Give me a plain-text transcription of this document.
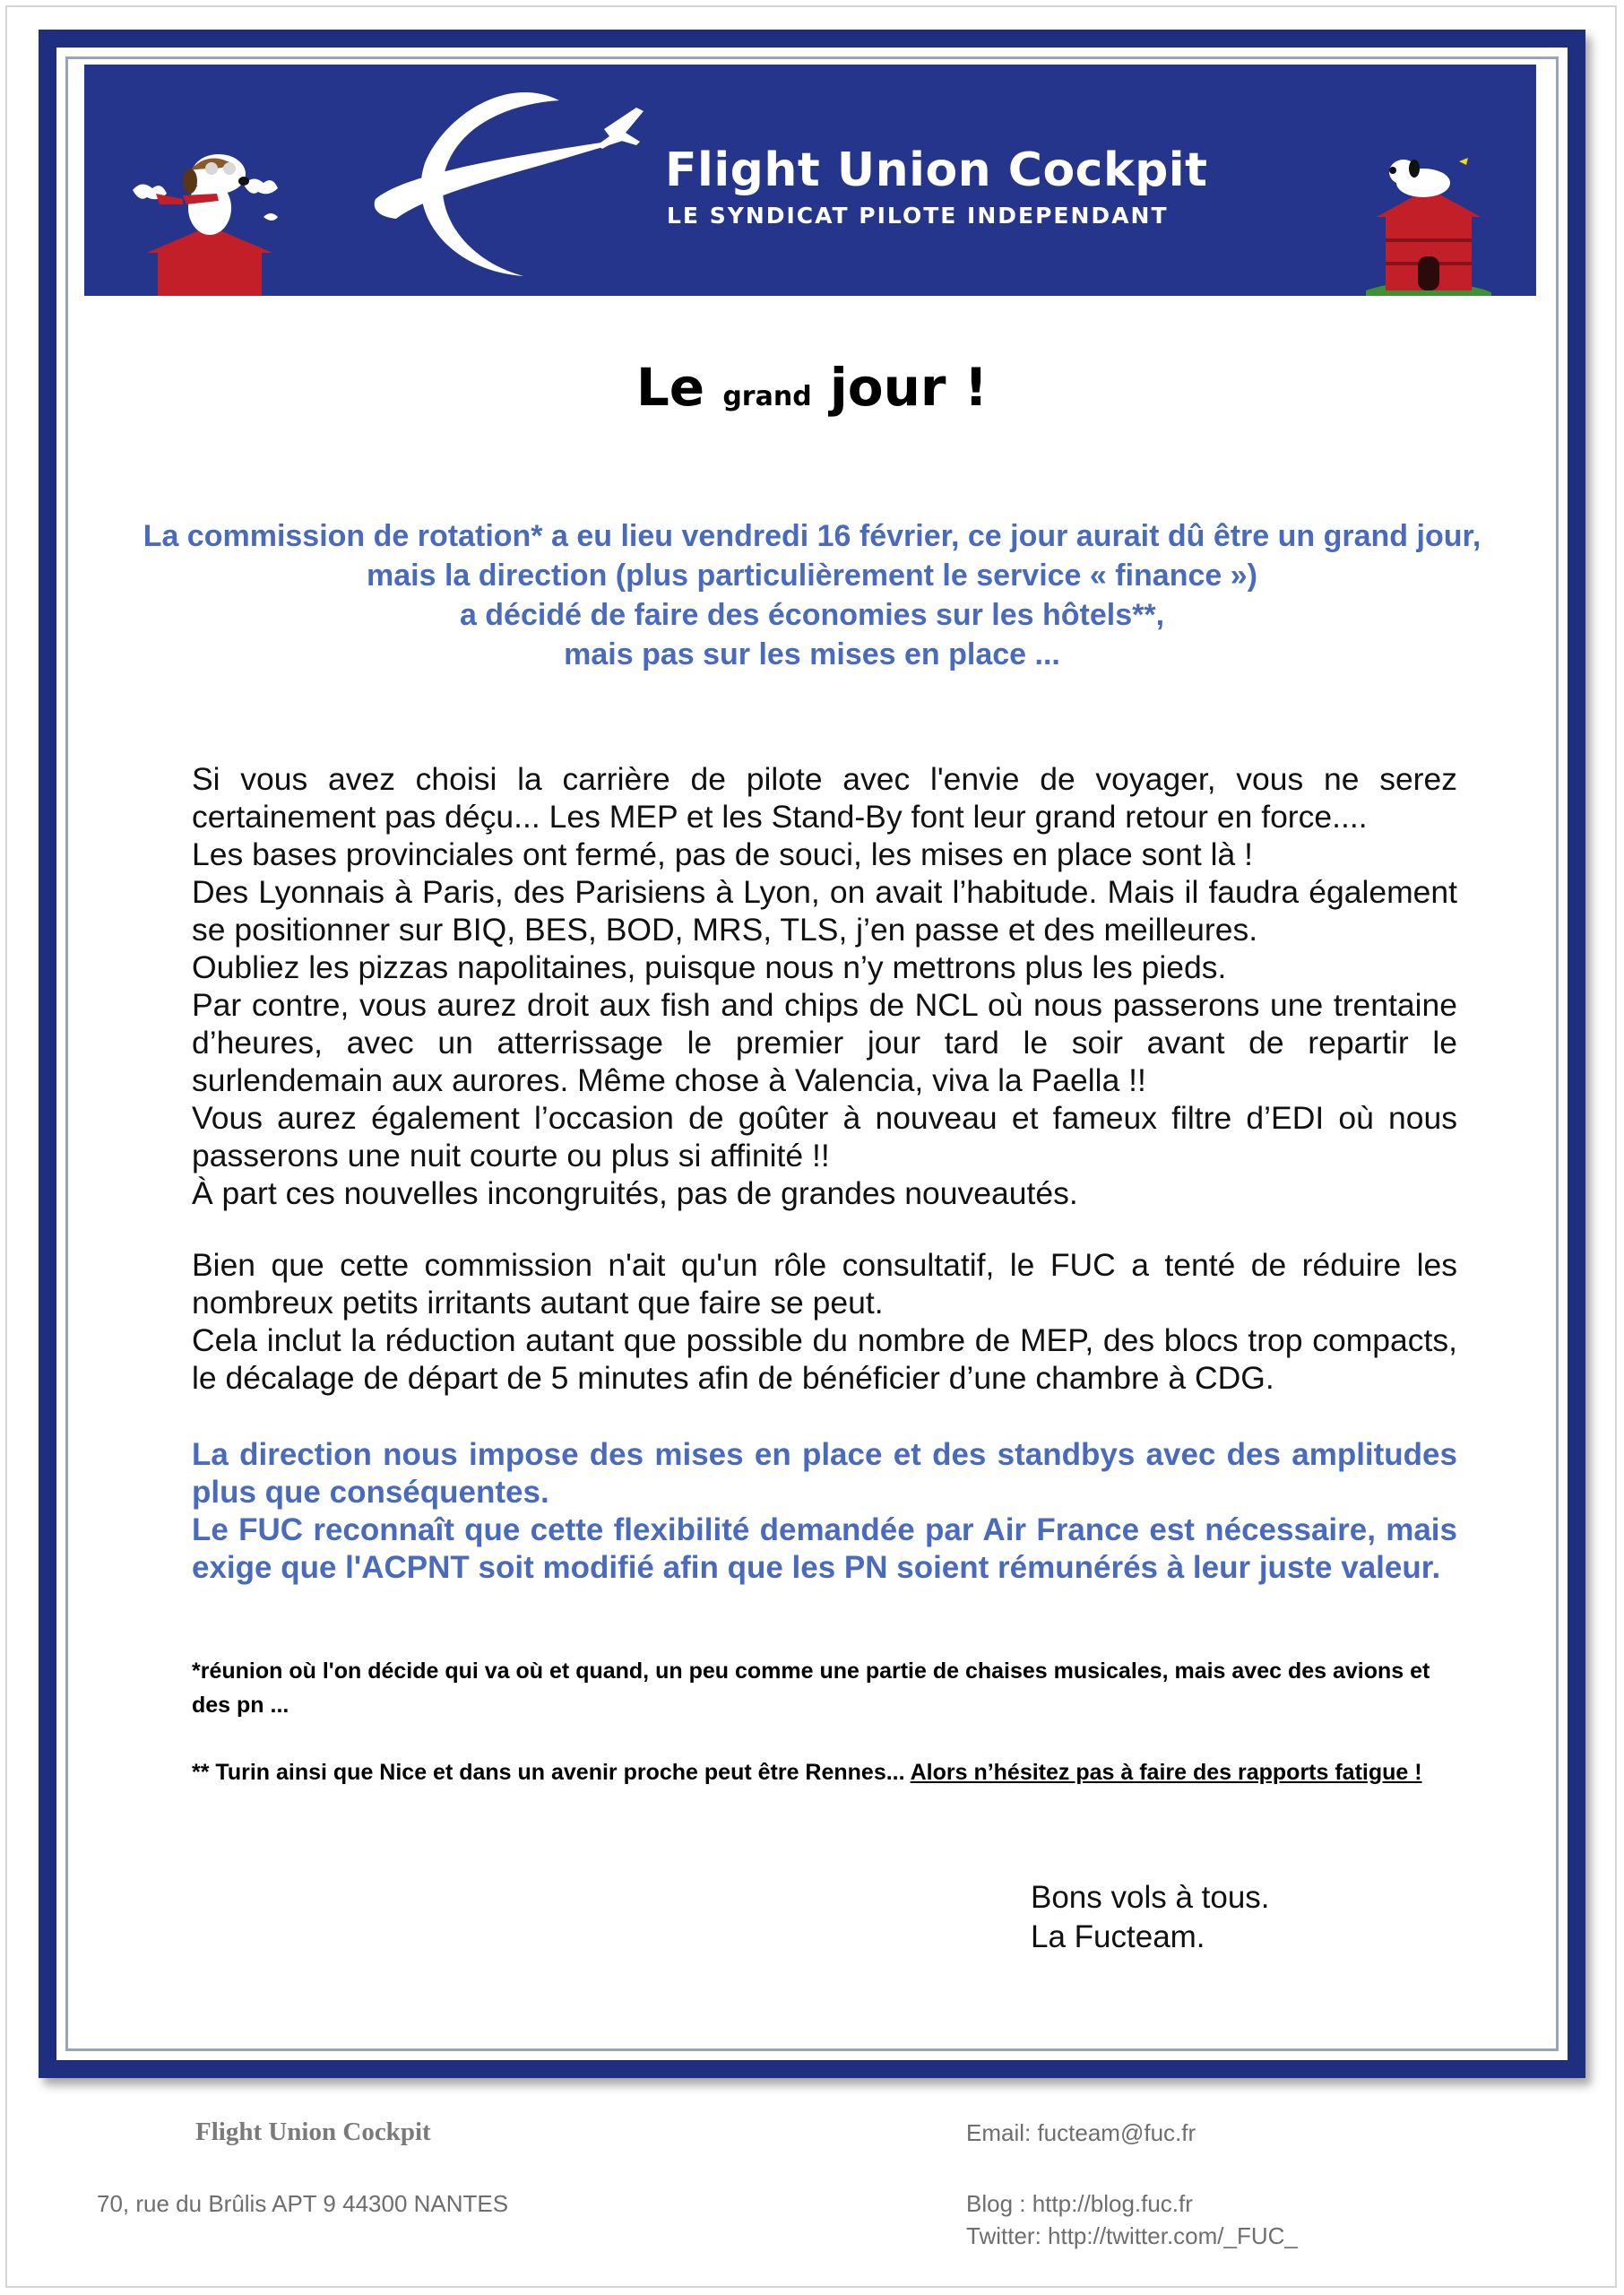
Flight Union Cockpit
LE SYNDICAT PILOTE INDEPENDANT
Le grand jour !
La commission de rotation* a eu lieu vendredi 16 février, ce jour aurait dû être un grand jour,
mais la direction (plus particulièrement le service « finance »)
a décidé de faire des économies sur les hôtels**,
mais pas sur les mises en place ...

Si vous avez choisi la carrière de pilote avec l'envie de voyager, vous ne serez certainement pas déçu... Les MEP et les Stand-By font leur grand retour en force....

Les bases provinciales ont fermé, pas de souci, les mises en place sont là !

Des Lyonnais à Paris, des Parisiens à Lyon, on avait l’habitude. Mais il faudra également se positionner sur BIQ, BES, BOD, MRS, TLS, j’en passe et des meilleures.

Oubliez les pizzas napolitaines, puisque nous n’y mettrons plus les pieds.

Par contre, vous aurez droit aux fish and chips de NCL où nous passerons une trentaine d’heures, avec un atterrissage le premier jour tard le soir avant de repartir le surlendemain aux aurores. Même chose à Valencia, viva la Paella !!

Vous aurez également l’occasion de goûter à nouveau et fameux filtre d’EDI où nous passerons une nuit courte ou plus si affinité !!

À part ces nouvelles incongruités, pas de grandes nouveautés.

Bien que cette commission n'ait qu'un rôle consultatif, le FUC a tenté de réduire les nombreux petits irritants autant que faire se peut.

Cela inclut la réduction autant que possible du nombre de MEP, des blocs trop compacts, le décalage de départ de 5 minutes afin de bénéficier d’une chambre à CDG.

La direction nous impose des mises en place et des standbys avec des amplitudes plus que conséquentes.

Le FUC reconnaît que cette flexibilité demandée par Air France est nécessaire, mais exige que l'ACPNT soit modifié afin que les PN soient rémunérés à leur juste valeur.

*réunion où l'on décide qui va où et quand, un peu comme une partie de chaises musicales, mais avec des avions et des pn ...
** Turin ainsi que Nice et dans un avenir proche peut être Rennes... Alors n’hésitez pas à faire des rapports fatigue !
Bons vols à tous.
La Fucteam.
Flight Union Cockpit
70, rue du Brûlis APT 9 44300 NANTES
Email: fucteam@fuc.fr
Blog : http://blog.fuc.fr
Twitter: http://twitter.com/_FUC_
